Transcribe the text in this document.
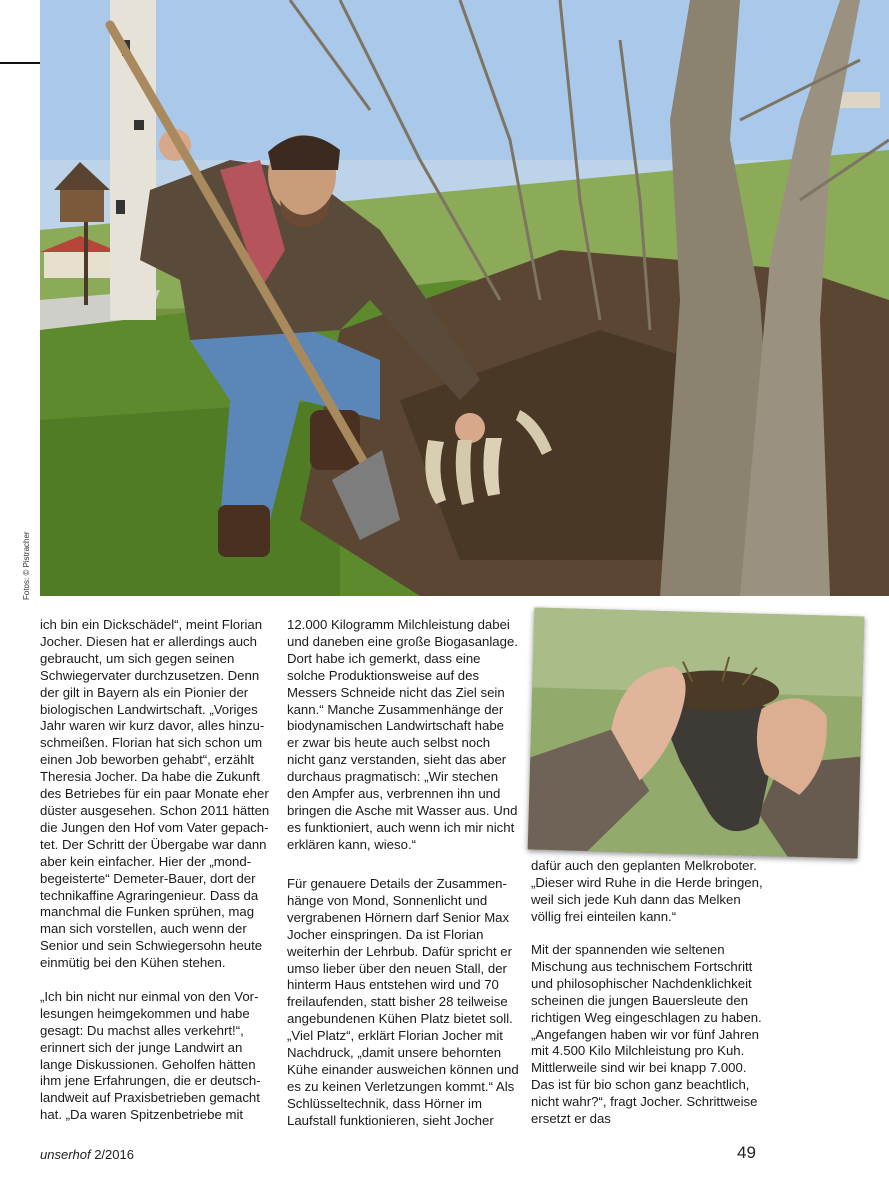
Fotos: © Pistracher

ich bin ein Dickschädel“, meint Florian Jocher. Diesen hat er allerdings auch gebraucht, um sich gegen seinen Schwiegervater durchzusetzen. Denn der gilt in Bayern als ein Pionier der biologischen Landwirtschaft. „Voriges Jahr waren wir kurz davor, alles hinzuschmeißen. Florian hat sich schon um einen Job beworben gehabt“, erzählt Theresia Jocher. Da habe die Zukunft des Betriebes für ein paar Monate eher düster ausgesehen. Schon 2011 hätten die Jungen den Hof vom Vater gepachtet. Der Schritt der Übergabe war dann aber kein einfacher. Hier der „mondbegeisterte“ Demeter-Bauer, dort der technikaffine Agraringenieur. Dass da manchmal die Funken sprühen, mag man sich vorstellen, auch wenn der Senior und sein Schwiegersohn heute einmütig bei den Kühen stehen.

„Ich bin nicht nur einmal von den Vorlesungen heimgekommen und habe gesagt: Du machst alles verkehrt!“, erinnert sich der junge Landwirt an lange Diskussionen. Geholfen hätten ihm jene Erfahrungen, die er deutschlandweit auf Praxisbetrieben gemacht hat. „Da waren Spitzenbetriebe mit

12.000 Kilogramm Milchleistung dabei und daneben eine große Biogasanlage. Dort habe ich gemerkt, dass eine solche Produktionsweise auf des Messers Schneide nicht das Ziel sein kann.“ Manche Zusammenhänge der biodynamischen Landwirtschaft habe er zwar bis heute auch selbst noch nicht ganz verstanden, sieht das aber durchaus pragmatisch: „Wir stechen den Ampfer aus, verbrennen ihn und bringen die Asche mit Wasser aus. Und es funktioniert, auch wenn ich mir nicht erklären kann, wieso.“

Für genauere Details der Zusammenhänge von Mond, Sonnenlicht und vergrabenen Hörnern darf Senior Max Jocher einspringen. Da ist Florian weiterhin der Lehrbub. Dafür spricht er umso lieber über den neuen Stall, der hinterm Haus entstehen wird und 70 freilaufenden, statt bisher 28 teilweise angebundenen Kühen Platz bietet soll. „Viel Platz“, erklärt Florian Jocher mit Nachdruck, „damit unsere behornten Kühe einander ausweichen können und es zu keinen Verletzungen kommt.“ Als Schlüsseltechnik, dass Hörner im Laufstall funktionieren, sieht Jocher

dafür auch den geplanten Melkroboter. „Dieser wird Ruhe in die Herde bringen, weil sich jede Kuh dann das Melken völlig frei einteilen kann.“

Mit der spannenden wie seltenen Mischung aus technischem Fortschritt und philosophischer Nachdenklichkeit scheinen die jungen Bauersleute den richtigen Weg eingeschlagen zu haben. „Angefangen haben wir vor fünf Jahren mit 4.500 Kilo Milchleistung pro Kuh. Mittlerweile sind wir bei knapp 7.000. Das ist für bio schon ganz beachtlich, nicht wahr?“, fragt Jocher. Schrittweise ersetzt er das

unserhof 2/2016	49
